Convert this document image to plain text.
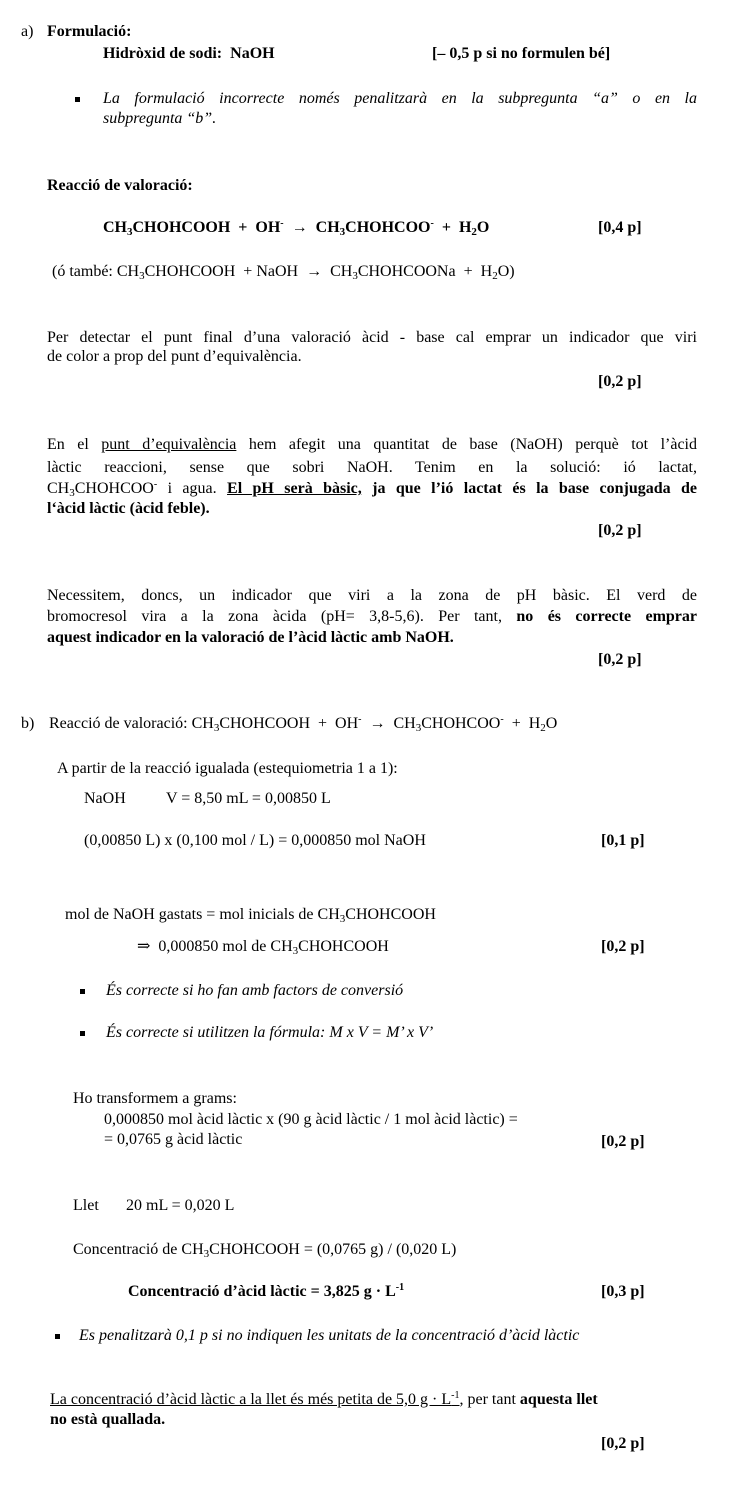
a) Formulació:
Hidròxid de sodi: NaOH	[– 0,5 p si no formulen bé]
La formulació incorrecte només penalitzarà en la subpregunta “a” o en la
subpregunta “b”.
Reacció de valoració:
$CH_3CHOHCOOH + OH^-$ → $CH_3CHOHCOO^- + H_2O$	[0,4 p]
(ó també: $CH_3CHOHCOOH$ + NaOH → $CH_3CHOHCOONa + H_2O$)
Per detectar el punt final d’una valoració àcid - base cal emprar un indicador que viri
de color a prop del punt d’equivalència.
[0,2 p]
En el punt d’equivalència hem afegit una quantitat de base (NaOH) perquè tot l’àcid
làctic reaccioni, sense que sobri NaOH. Tenim en la solució: ió lactat,
$CH_3CHOHCOO^-$ i agua. El pH serà bàsic, ja que l’ió lactat és la base conjugada de
l‘àcid làctic (àcid feble).
[0,2 p]
Necessitem, doncs, un indicador que viri a la zona de pH bàsic. El verd de
bromocresol vira a la zona àcida (pH= 3,8-5,6). Per tant, no és correcte emprar
aquest indicador en la valoració de l’àcid làctic amb NaOH.
[0,2 p]
b) Reacció de valoració: $CH_3CHOHCOOH + OH^-$ → $CH_3CHOHCOO^- + H_2O$
A partir de la reacció igualada (estequiometria 1 a 1):
NaOH	V = 8,50 mL = 0,00850 L
(0,00850 L) x (0,100 mol / L) = 0,000850 mol NaOH	[0,1 p]
mol de NaOH gastats = mol inicials de $CH_3CHOHCOOH$
⇒ 0,000850 mol de $CH_3CHOHCOOH$	[0,2 p]
És correcte si ho fan amb factors de conversió
És correcte si utilitzen la fórmula: M x V = M’ x V’
Ho transformem a grams:
0,000850 mol àcid làctic x (90 g àcid làctic / 1 mol àcid làctic) =
= 0,0765 g àcid làctic	[0,2 p]
Llet 20 mL = 0,020 L
Concentració de $CH_3CHOHCOOH = (0,0765$ g) / (0,020 L)
Concentració d’àcid làctic = 3,825 $g \cdot L^{-1}$	[0,3 p]
Es penalitzarà 0,1 p si no indiquen les unitats de la concentració d’àcid làctic
La concentració d’àcid làctic a la llet és més petita de 5,0 $g \cdot L^{-1}$, per tant aquesta llet
no està quallada.
[0,2 p]
